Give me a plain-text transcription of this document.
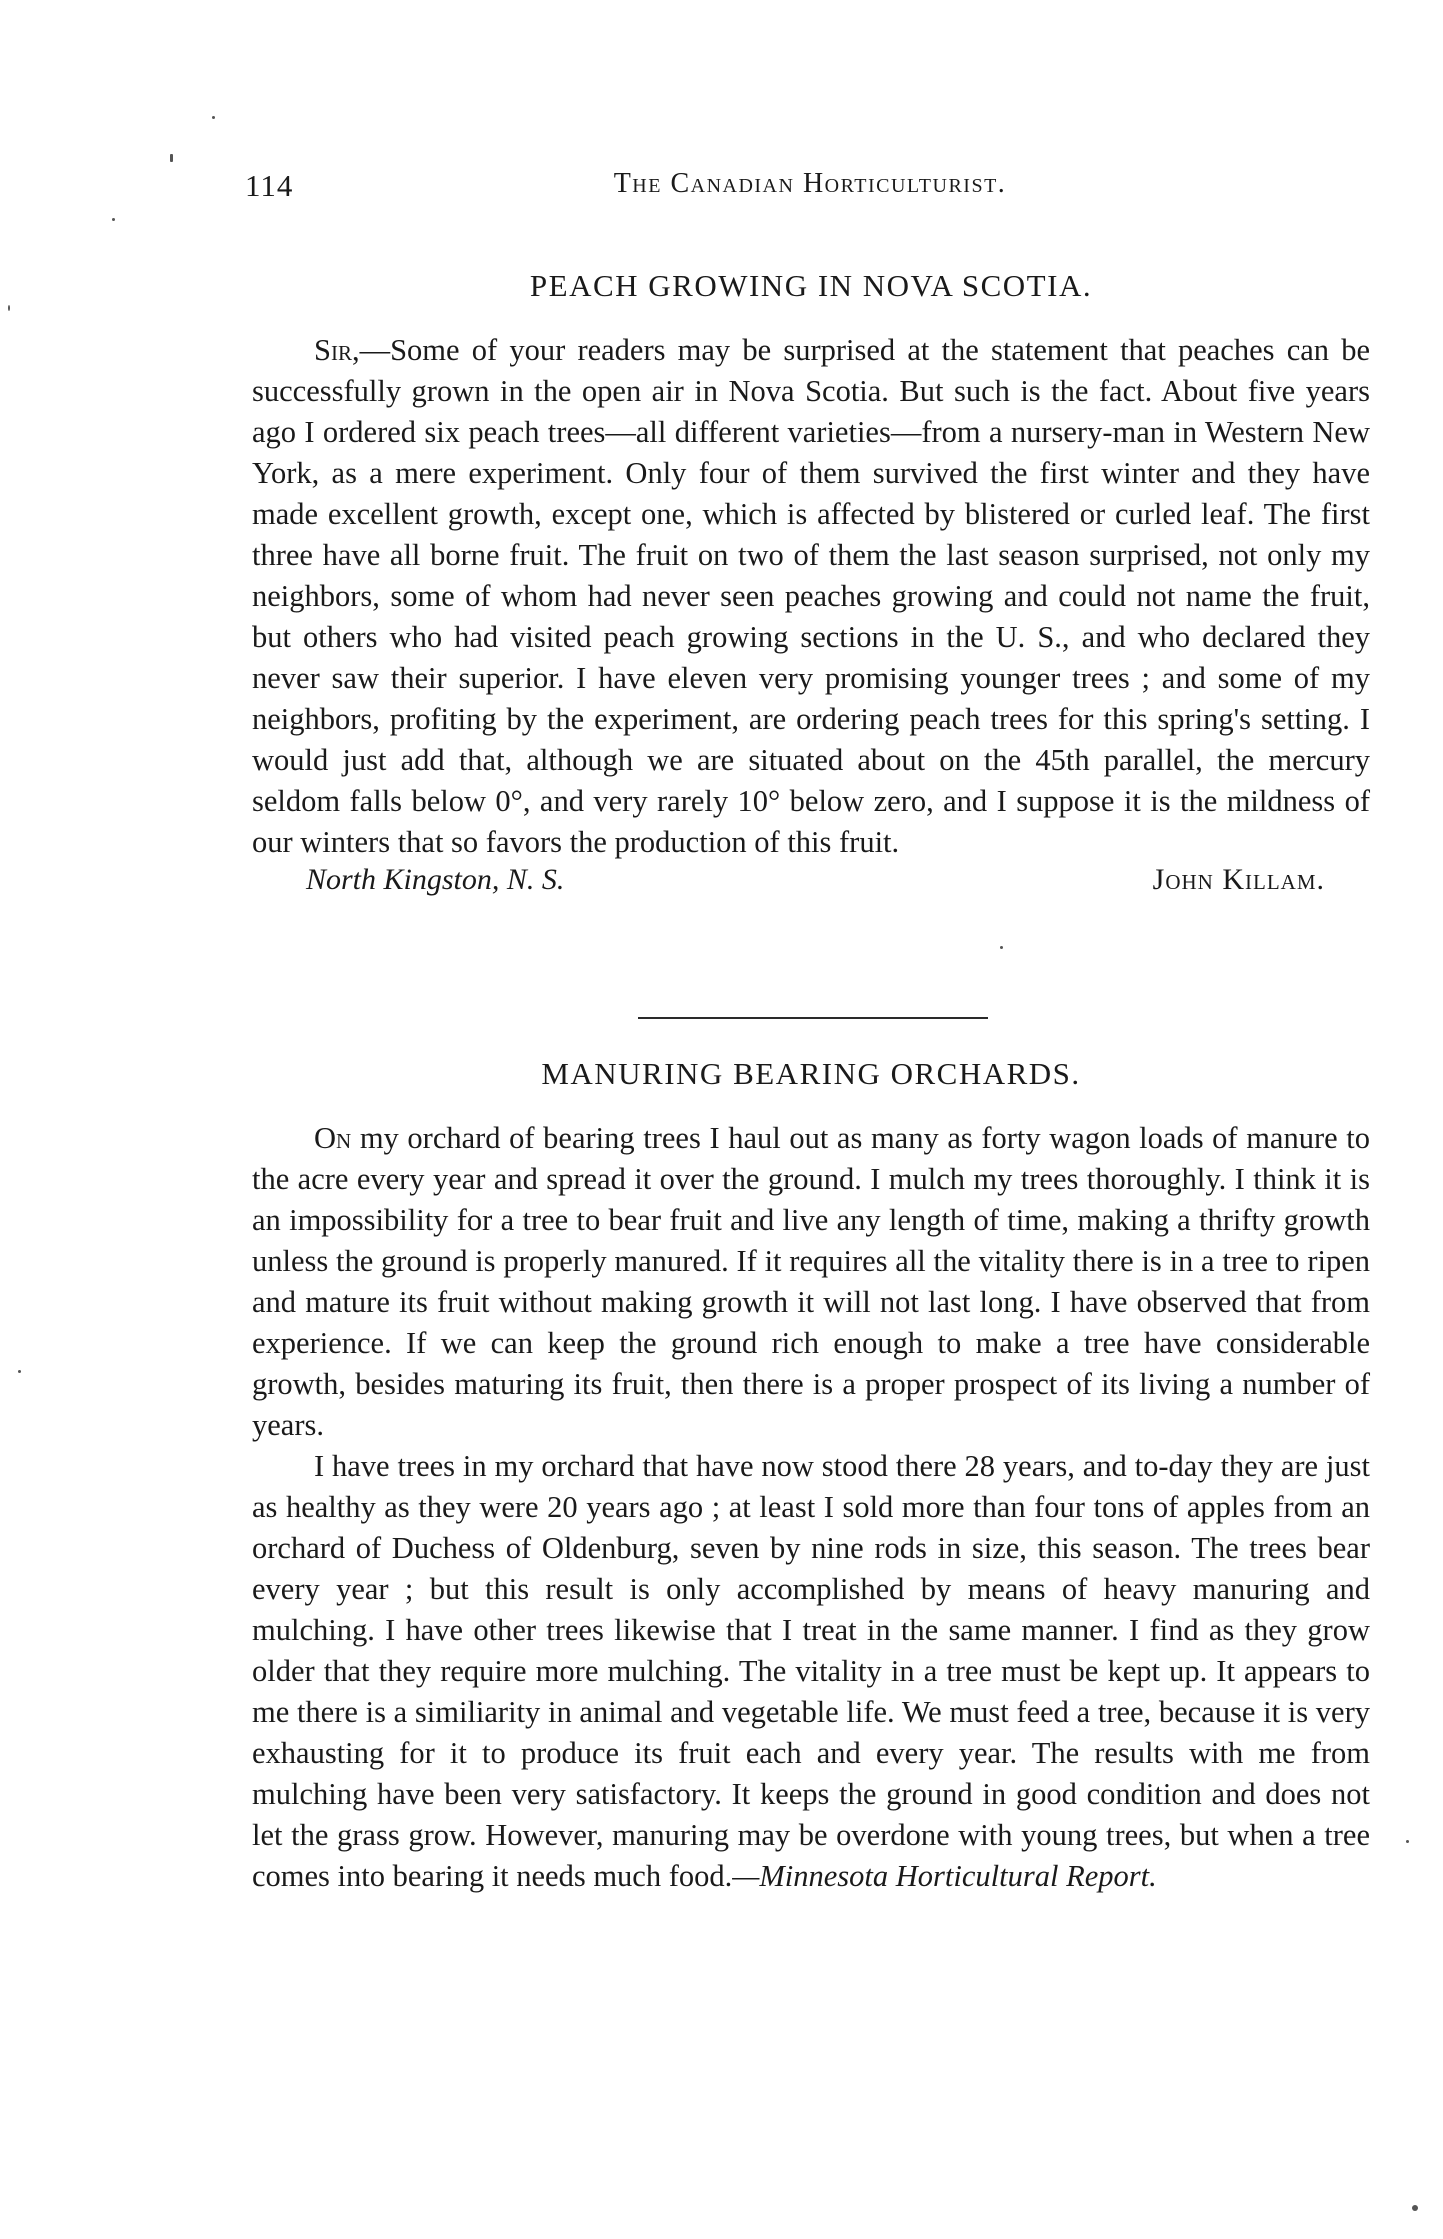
114	The Canadian Horticulturist.
PEACH GROWING IN NOVA SCOTIA.

Sir,—Some of your readers may be surprised at the statement that peaches can be successfully grown in the open air in Nova Scotia. But such is the fact. About five years ago I ordered six peach trees—all different varieties—from a nursery-man in Western New York, as a mere experiment. Only four of them survived the first winter and they have made excellent growth, except one, which is affected by blistered or curled leaf. The first three have all borne fruit. The fruit on two of them the last season surprised, not only my neighbors, some of whom had never seen peaches growing and could not name the fruit, but others who had visited peach growing sections in the U. S., and who declared they never saw their superior. I have eleven very promising younger trees ; and some of my neighbors, profiting by the experiment, are ordering peach trees for this spring's setting. I would just add that, although we are situated about on the 45th parallel, the mercury seldom falls below 0°, and very rarely 10° below zero, and I suppose it is the mildness of our winters that so favors the production of this fruit.

North Kingston, N. S.	John Killam.
MANURING BEARING ORCHARDS.

On my orchard of bearing trees I haul out as many as forty wagon loads of manure to the acre every year and spread it over the ground. I mulch my trees thoroughly. I think it is an impossibility for a tree to bear fruit and live any length of time, making a thrifty growth unless the ground is properly manured. If it requires all the vitality there is in a tree to ripen and mature its fruit without making growth it will not last long. I have observed that from experience. If we can keep the ground rich enough to make a tree have considerable growth, besides maturing its fruit, then there is a proper prospect of its living a number of years.

I have trees in my orchard that have now stood there 28 years, and to-day they are just as healthy as they were 20 years ago ; at least I sold more than four tons of apples from an orchard of Duchess of Oldenburg, seven by nine rods in size, this season. The trees bear every year ; but this result is only accomplished by means of heavy manuring and mulching. I have other trees likewise that I treat in the same manner. I find as they grow older that they require more mulching. The vitality in a tree must be kept up. It appears to me there is a similiarity in animal and vegetable life. We must feed a tree, because it is very exhausting for it to produce its fruit each and every year. The results with me from mulching have been very satisfactory. It keeps the ground in good condition and does not let the grass grow. However, manuring may be overdone with young trees, but when a tree comes into bearing it needs much food.—Minnesota Horticultural Report.
